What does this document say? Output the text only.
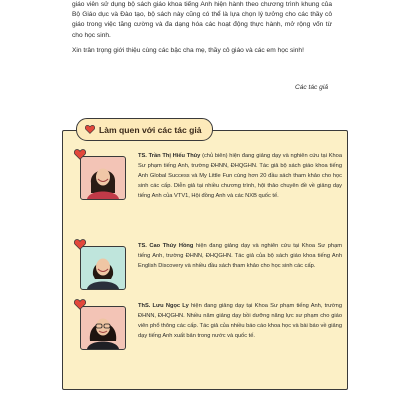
giáo viên sử dụng bộ sách giáo khoa tiếng Anh hiện hành theo chương trình khung của Bộ Giáo dục và Đào tạo, bộ sách này cũng có thể là lựa chọn lý tưởng cho các thầy cô giáo trong việc tăng cường và đa dạng hóa các hoạt động thực hành, mở rộng vốn từ cho học sinh.

Xin trân trọng giới thiệu cùng các bậc cha mẹ, thầy cô giáo và các em học sinh!

Các tác giả
Làm quen với các tác giả
TS. Trần Thị Hiếu Thủy (chủ biên) hiện đang giảng dạy và nghiên cứu tại Khoa Sư phạm tiếng Anh, trường ĐHNN, ĐHQGHN. Tác giả bộ sách giáo khoa tiếng Anh Global Success và My Little Fun cùng hơn 20 đầu sách tham khảo cho học sinh các cấp. Diễn giả tại nhiều chương trình, hội thảo chuyên đề về giảng dạy tiếng Anh của VTV1, Hội đồng Anh và các NXB quốc tế.
TS. Cao Thúy Hồng hiện đang giảng dạy và nghiên cứu tại Khoa Sư phạm tiếng Anh, trường ĐHNN, ĐHQGHN. Tác giả của bộ sách giáo khoa tiếng Anh English Discovery và nhiều đầu sách tham khảo cho học sinh các cấp.
ThS. Lưu Ngọc Ly hiện đang giảng dạy tại Khoa Sư phạm tiếng Anh, trường ĐHNN, ĐHQGHN. Nhiều năm giảng dạy bồi dưỡng năng lực sư phạm cho giáo viên phổ thông các cấp. Tác giả của nhiều báo cáo khoa học và bài báo về giảng dạy tiếng Anh xuất bản trong nước và quốc tế.
